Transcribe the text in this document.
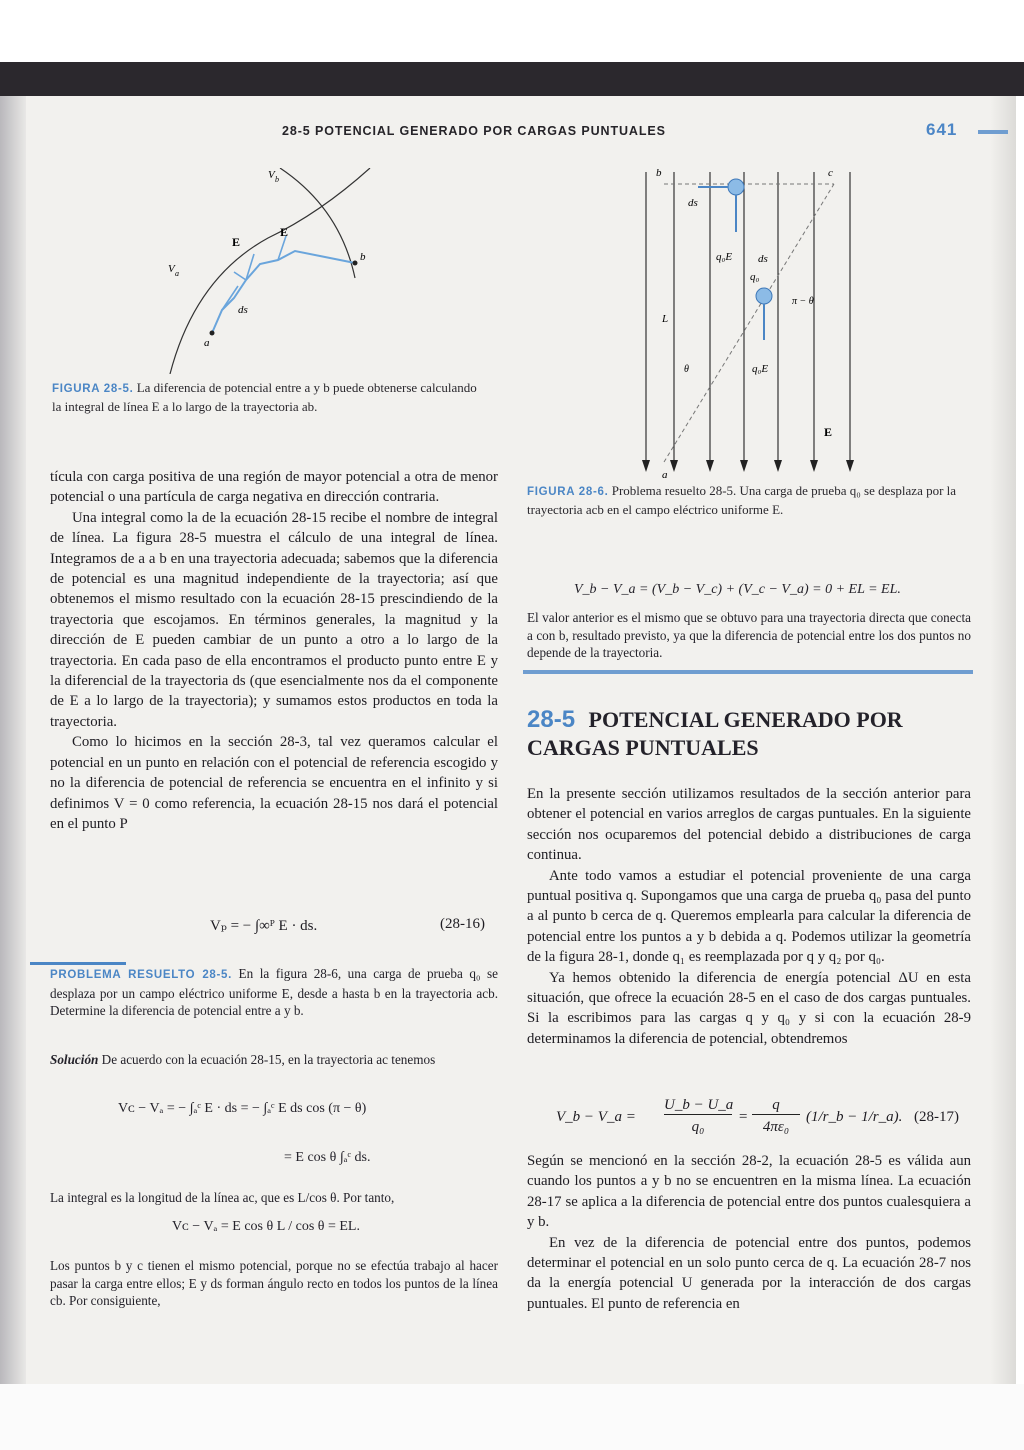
28-5 POTENCIAL GENERADO POR CARGAS PUNTUALES	641
V b
V a
E
E
ds
a
b
FIGURA 28-5. La diferencia de potencial entre a y b puede obtenerse calculando la integral de línea E a lo largo de la trayectoria ab.
b	c
a
ds
q₀E ds
q₀
π − θ
L
θ	q₀E
E
FIGURA 28-6. Problema resuelto 28-5. Una carga de prueba q₀ se desplaza por la trayectoria acb en el campo eléctrico uniforme E.

tícula con carga positiva de una región de mayor potencial a otra de menor potencial o una partícula de carga negativa en dirección contraria.

Una integral como la de la ecuación 28-15 recibe el nombre de integral de línea. La figura 28-5 muestra el cálculo de una integral de línea. Integramos de a a b en una trayectoria adecuada; sabemos que la diferencia de potencial es una magnitud independiente de la trayectoria; así que obtenemos el mismo resultado con la ecuación 28-15 prescindiendo de la trayectoria que escojamos. En términos generales, la magnitud y la dirección de E pueden cambiar de un punto a otro a lo largo de la trayectoria. En cada paso de ella encontramos el producto punto entre E y la diferencial de la trayectoria ds (que esencialmente nos da el componente de E a lo largo de la trayectoria); y sumamos estos productos en toda la trayectoria.

Como lo hicimos en la sección 28-3, tal vez queramos calcular el potencial en un punto en relación con el potencial de referencia escogido y no la diferencia de potencial de referencia se encuentra en el infinito y si definimos V = 0 como referencia, la ecuación 28-15 nos dará el potencial en el punto P

Vₚ = − ∫∞ᴾ E · ds.	(28-16)
PROBLEMA RESUELTO 28-5. En la figura 28-6, una carga de prueba q₀ se desplaza por un campo eléctrico uniforme E, desde a hasta b en la trayectoria acb. Determine la diferencia de potencial entre a y b.
Solución De acuerdo con la ecuación 28-15, en la trayectoria ac tenemos
Vᴄ − Vₐ = − ∫ₐᶜ E · ds = − ∫ₐᶜ E ds cos (π − θ)
= E cos θ ∫ₐᶜ ds.
La integral es la longitud de la línea ac, que es L/cos θ. Por tanto,
Vᴄ − Vₐ = E cos θ L / cos θ = EL.
Los puntos b y c tienen el mismo potencial, porque no se efectúa trabajo al hacer pasar la carga entre ellos; E y ds forman ángulo recto en todos los puntos de la línea cb. Por consiguiente,
V_b − V_a = (V_b − V_c) + (V_c − V_a) = 0 + EL = EL.
El valor anterior es el mismo que se obtuvo para una trayectoria directa que conecta a con b, resultado previsto, ya que la diferencia de potencial entre los dos puntos no depende de la trayectoria.
28-5 POTENCIAL GENERADO POR CARGAS PUNTUALES

En la presente sección utilizamos resultados de la sección anterior para obtener el potencial en varios arreglos de cargas puntuales. En la siguiente sección nos ocuparemos del potencial debido a distribuciones de carga continua.

Ante todo vamos a estudiar el potencial proveniente de una carga puntual positiva q. Supongamos que una carga de prueba q₀ pasa del punto a al punto b cerca de q. Queremos emplearla para calcular la diferencia de potencial entre los puntos a y b debida a q. Podemos utilizar la geometría de la figura 28-1, donde q₁ es reemplazada por q y q₂ por q₀.

Ya hemos obtenido la diferencia de energía potencial ΔU en esta situación, que ofrece la ecuación 28-5 en el caso de dos cargas puntuales. Si la escribimos para las cargas q y q₀ y si con la ecuación 28-9 determinamos la diferencia de potencial, obtendremos

V_b − V_a =
U_b − U_a
q₀
=
q
4πε₀
(1/r_b − 1/r_a). (28-17)

Según se mencionó en la sección 28-2, la ecuación 28-5 es válida aun cuando los puntos a y b no se encuentren en la misma línea. La ecuación 28-17 se aplica a la diferencia de potencial entre dos puntos cualesquiera a y b.

En vez de la diferencia de potencial entre dos puntos, podemos determinar el potencial en un solo punto cerca de q. La ecuación 28-7 nos da la energía potencial U generada por la interacción de dos cargas puntuales. El punto de referencia en
